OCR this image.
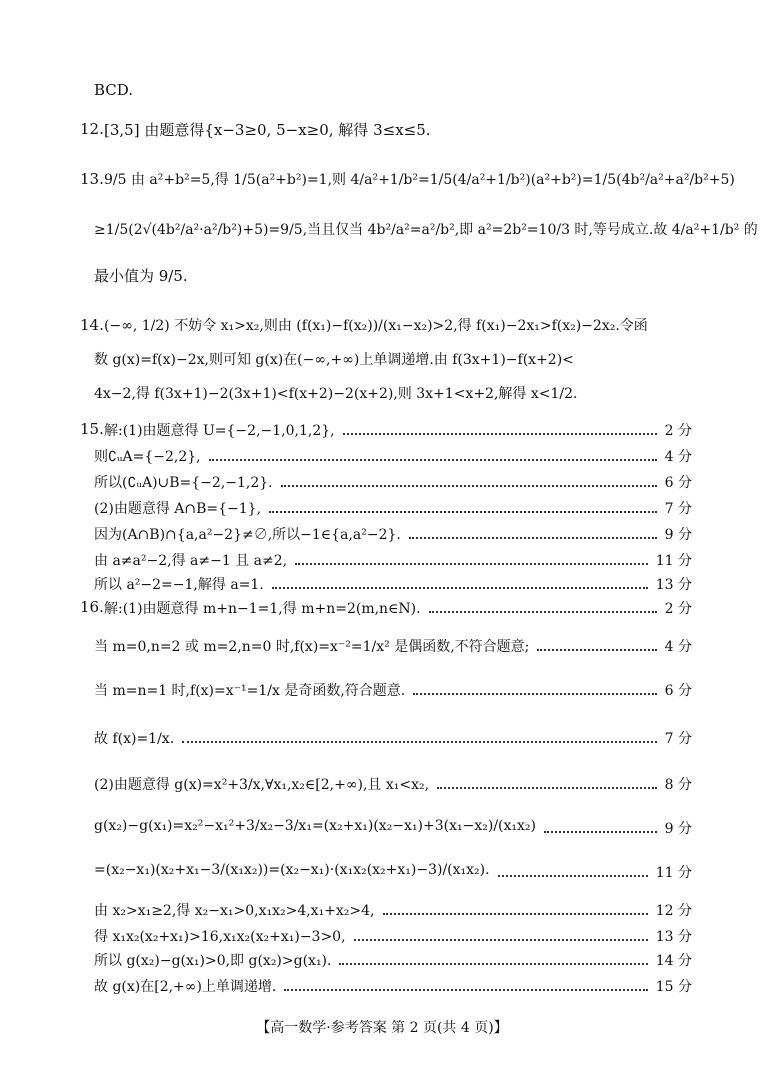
BCD.
12. [3,5] 由题意得{x−3≥0, 5−x≥0, 解得 3≤x≤5.
13. 9/5 由 a²+b²=5,得 1/5(a²+b²)=1,则 4/a²+1/b²=1/5(4/a²+1/b²)(a²+b²)=1/5(4b²/a²+a²/b²+5)
≥1/5(2√(4b²/a²·a²/b²)+5)=9/5,当且仅当 4b²/a²=a²/b²,即 a²=2b²=10/3 时,等号成立.故 4/a²+1/b² 的
最小值为 9/5.
14. (−∞, 1/2) 不妨令 x₁>x₂,则由 (f(x₁)−f(x₂))/(x₁−x₂)>2,得 f(x₁)−2x₁>f(x₂)−2x₂.令函
数 g(x)=f(x)−2x,则可知 g(x)在(−∞,+∞)上单调递增.由 f(3x+1)−f(x+2)<
4x−2,得 f(3x+1)−2(3x+1)<f(x+2)−2(x+2),则 3x+1<x+2,解得 x<1/2.
15. 解:(1)由题意得 U={−2,−1,0,1,2},	2 分
则∁ᵤA={−2,2},	4 分
所以(∁ᵤA)∪B={−2,−1,2}.	6 分
(2)由题意得 A∩B={−1},	7 分
因为(A∩B)∩{a,a²−2}≠∅,所以−1∈{a,a²−2}.	9 分
由 a≠a²−2,得 a≠−1 且 a≠2,	11 分
所以 a²−2=−1,解得 a=1.	13 分
16. 解:(1)由题意得 m+n−1=1,得 m+n=2(m,n∈N).	2 分
当 m=0,n=2 或 m=2,n=0 时,f(x)=x⁻²=1/x² 是偶函数,不符合题意;	4 分
当 m=n=1 时,f(x)=x⁻¹=1/x 是奇函数,符合题意.	6 分
故 f(x)=1/x.	7 分
(2)由题意得 g(x)=x²+3/x,∀x₁,x₂∈[2,+∞),且 x₁<x₂,	8 分
g(x₂)−g(x₁)=x₂²−x₁²+3/x₂−3/x₁=(x₂+x₁)(x₂−x₁)+3(x₁−x₂)/(x₁x₂)	9 分
=(x₂−x₁)(x₂+x₁−3/(x₁x₂))=(x₂−x₁)·(x₁x₂(x₂+x₁)−3)/(x₁x₂).	11 分
由 x₂>x₁≥2,得 x₂−x₁>0,x₁x₂>4,x₁+x₂>4,	12 分
得 x₁x₂(x₂+x₁)>16,x₁x₂(x₂+x₁)−3>0,	13 分
所以 g(x₂)−g(x₁)>0,即 g(x₂)>g(x₁).	14 分
故 g(x)在[2,+∞)上单调递增.	15 分
【高一数学·参考答案 第 2 页(共 4 页)】
